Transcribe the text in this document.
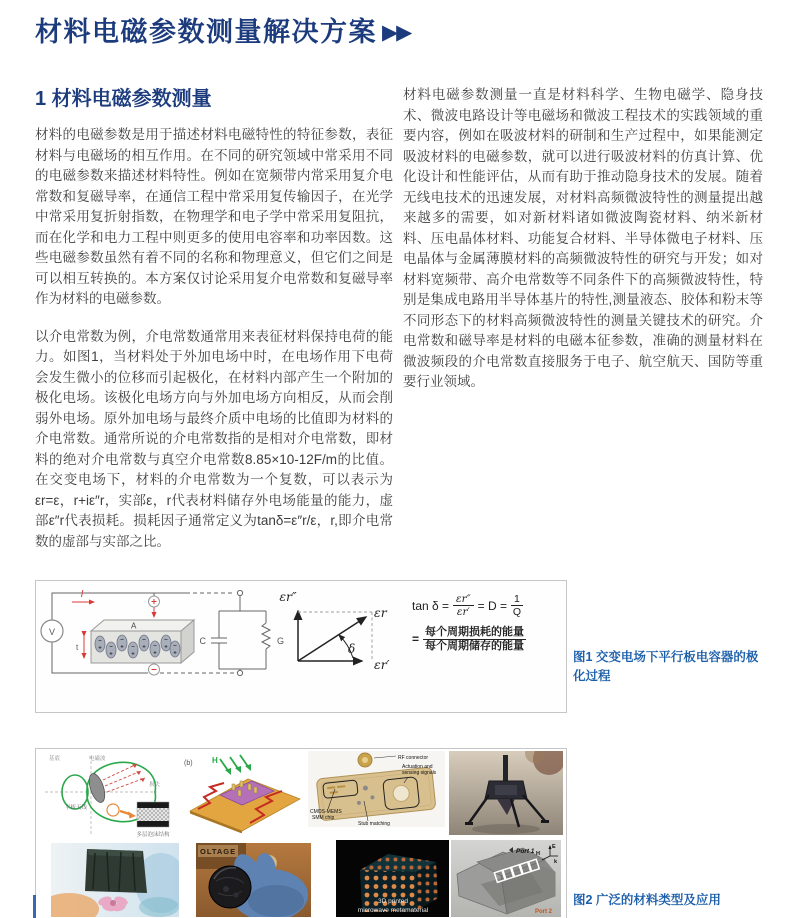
材料电磁参数测量解决方案 ▶▶
1 材料电磁参数测量

材料的电磁参数是用于描述材料电磁特性的特征参数，表征材料与电磁场的相互作用。在不同的研究领域中常采用不同的电磁参数来描述材料特性。例如在宽频带内常采用复介电常数和复磁导率，在通信工程中常采用复传输因子，在光学中常采用复折射指数，在物理学和电子学中常采用复阻抗，而在化学和电力工程中则更多的使用电容率和功率因数。这些电磁参数虽然有着不同的名称和物理意义，但它们之间是可以相互转换的。本方案仅讨论采用复介电常数和复磁导率作为材料的电磁参数。

以介电常数为例，介电常数通常用来表征材料保持电荷的能力。如图1，当材料处于外加电场中时，在电场作用下电荷会发生微小的位移而引起极化，在材料内部产生一个附加的极化电场。该极化电场方向与外加电场方向相反，从而会削弱外电场。原外加电场与最终介质中电场的比值即为材料的介电常数。通常所说的介电常数指的是相对介电常数，即材料的绝对介电常数与真空介电常数8.85×10-12F/m的比值。在交变电场下，材料的介电常数为一个复数，可以表示为εr=ε，r+iε″r，实部ε，r代表材料储存外电场能量的能力，虚部ε″r代表损耗。损耗因子通常定义为tanδ=ε″r/ε，r,即介电常数的虚部与实部之比。

材料电磁参数测量一直是材料科学、生物电磁学、隐身技术、微波电路设计等电磁场和微波工程技术的实践领域的重要内容，例如在吸波材料的研制和生产过程中，如果能测定吸波材料的电磁参数，就可以进行吸波材料的仿真计算、优化设计和性能评估，从而有助于推动隐身技术的发展。随着无线电技术的迅速发展，对材料高频微波特性的测量提出越来越多的需要，如对新材料诸如微波陶瓷材料、纳米新材料、压电晶体材料、功能复合材料、半导体微电子材料、压电晶体与金属薄膜材料的高频微波特性的研究与开发；如对材料宽频带、高介电常数等不同条件下的高频微波特性，特别是集成电路用半导体基片的特性,测量液态、胶体和粉末等不同形态下的材料高频微波特性的测量关键技术的研究。介电常数和磁导率是材料的电磁本征参数，准确的测量材料在微波频段的介电常数直接服务于电子、航空航天、国防等重要行业领域。

V
I
A
t
C	G
δ
εr″
εr
εr′
$\tan \delta = \frac{\varepsilon r''}{\varepsilon r'} = D = \frac{1}{Q}$
= $\frac{\text{每个周期损耗的能量}}{\text{每个周期储存的能量}}$
图1 交变电场下平行板电容器的极化过程
基底	电磁波
损失
平板天线
多层泡沫结构
(b) H	RF connector
CMOS-MEMS
SMM chip
Stub matching
Actuation and
sensing signals
OLTAGE
3D printed
microwave metamaterial
Port 1
Port 2
E
H
k
图2 广泛的材料类型及应用
